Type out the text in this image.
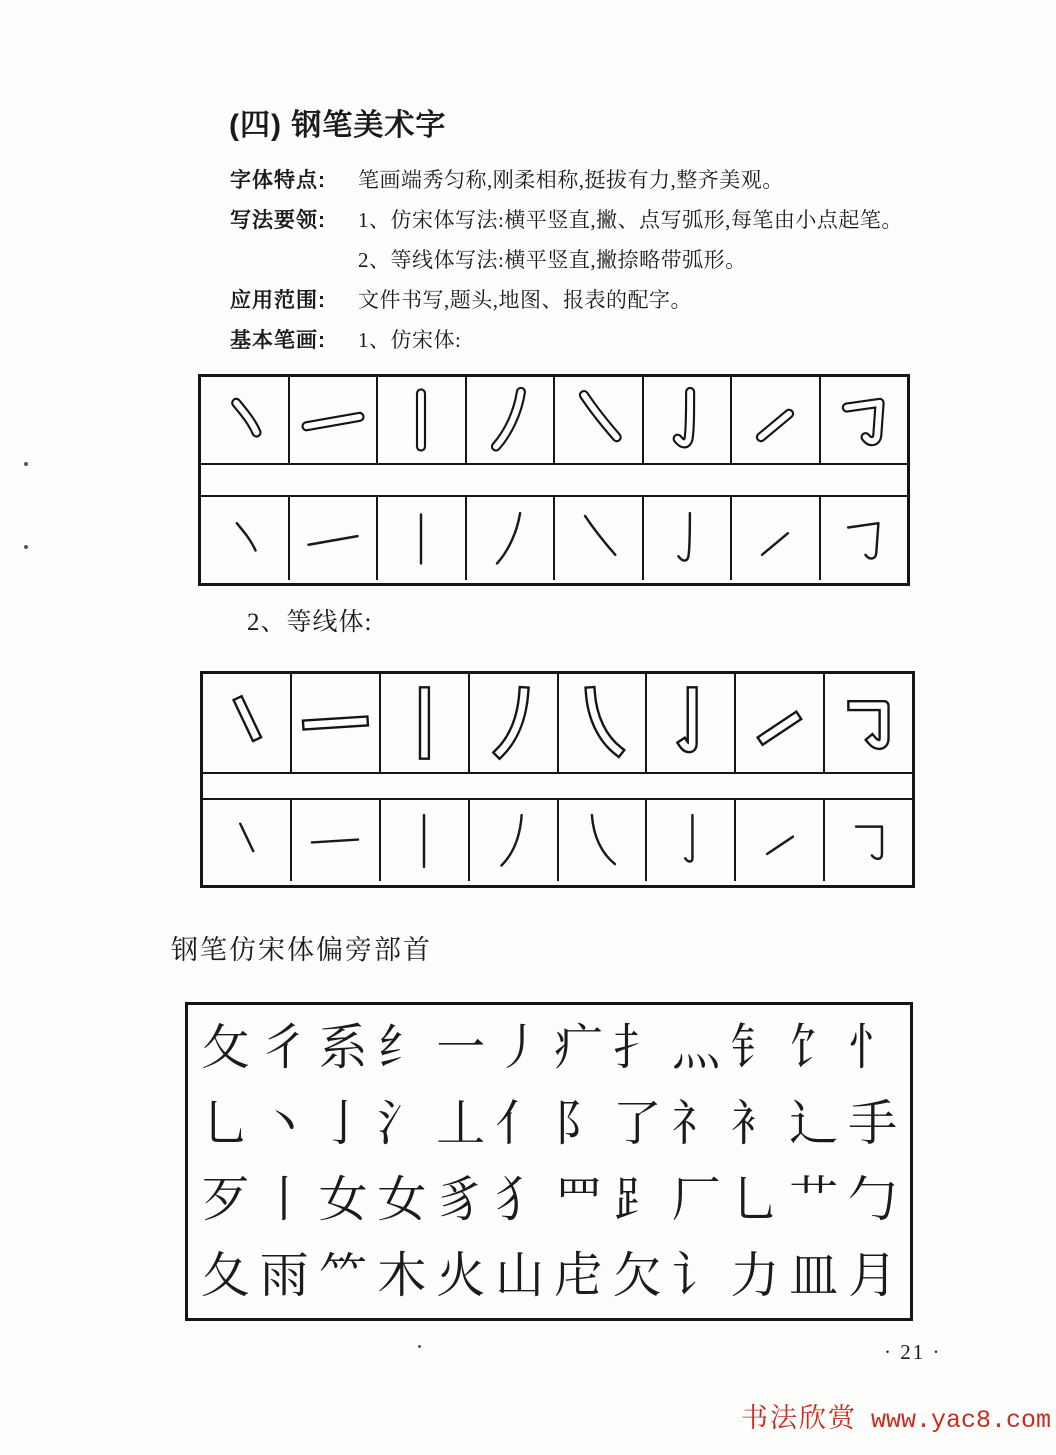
(四) 钢笔美术字
字体特点:	笔画端秀匀称,刚柔相称,挺拔有力,整齐美观。
写法要领:	1、仿宋体写法:横平竖直,撇、点写弧形,每笔由小点起笔。
2、等线体写法:横平竖直,撇捺略带弧形。
应用范围:	文件书写,题头,地图、报表的配字。
基本笔画:	1、仿宋体:
2、等线体:
钢笔仿宋体偏旁部首
攵 彳 系 纟 一 丿 疒 扌 灬 钅 饣 忄
乚 丶 亅 氵 丄 亻 阝 了 礻 衤 辶 手
歹 丨 女 女 豸 犭 罒 ⻊ 厂 乚 艹 勹
夂 雨 ⺮ 木 火 山 虍 欠 讠 力 皿 月
· 21 ·
书法欣赏 www.yac8.com
